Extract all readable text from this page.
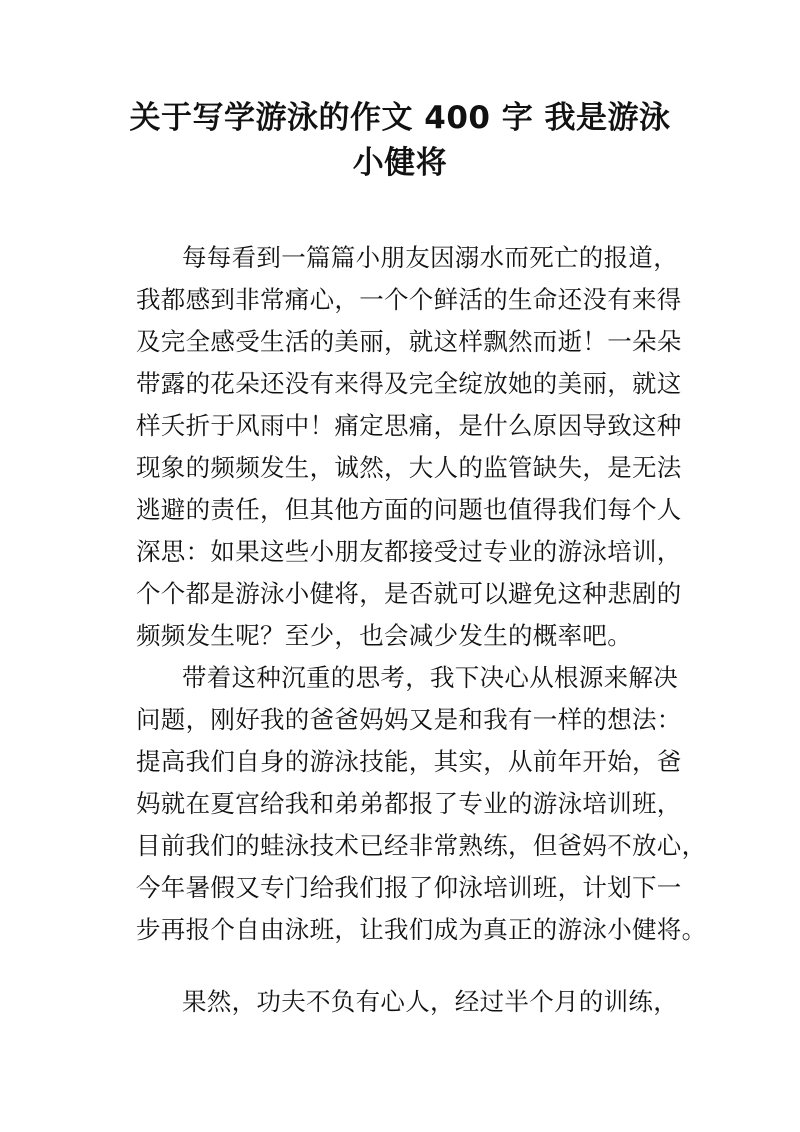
关于写学游泳的作文 400 字 我是游泳
小健将
每每看到一篇篇小朋友因溺水而死亡的报道，
我都感到非常痛心，一个个鲜活的生命还没有来得
及完全感受生活的美丽，就这样飘然而逝！一朵朵
带露的花朵还没有来得及完全绽放她的美丽，就这
样夭折于风雨中！痛定思痛，是什么原因导致这种
现象的频频发生，诚然，大人的监管缺失，是无法
逃避的责任，但其他方面的问题也值得我们每个人
深思：如果这些小朋友都接受过专业的游泳培训，
个个都是游泳小健将，是否就可以避免这种悲剧的
频频发生呢？至少，也会减少发生的概率吧。
带着这种沉重的思考，我下决心从根源来解决
问题，刚好我的爸爸妈妈又是和我有一样的想法：
提高我们自身的游泳技能，其实，从前年开始，爸
妈就在夏宫给我和弟弟都报了专业的游泳培训班，
目前我们的蛙泳技术已经非常熟练，但爸妈不放心，
今年暑假又专门给我们报了仰泳培训班，计划下一
步再报个自由泳班，让我们成为真正的游泳小健将。
果然，功夫不负有心人，经过半个月的训练，
